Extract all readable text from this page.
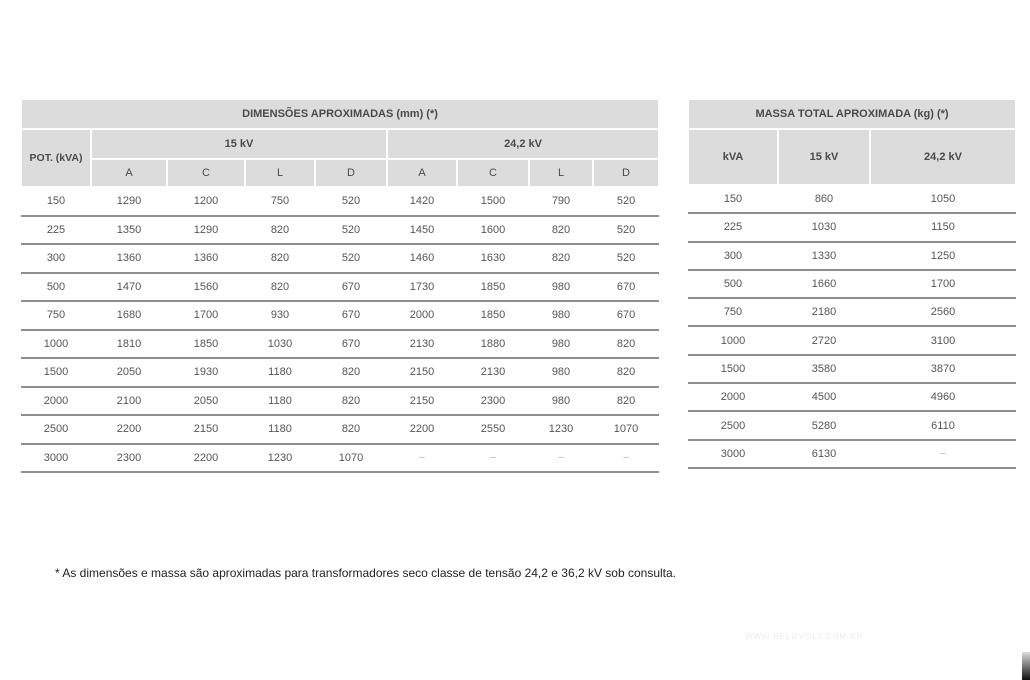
DIMENSÕES APROXIMADAS (mm) (*)								
POT. (kVA)	15 kV				24,2 kV			
	A	C	L	D	A	C	L	D
150	1290	1200	750	520	1420	1500	790	520
225	1350	1290	820	520	1450	1600	820	520
300	1360	1360	820	520	1460	1630	820	520
500	1470	1560	820	670	1730	1850	980	670
750	1680	1700	930	670	2000	1850	980	670
1000	1810	1850	1030	670	2130	1880	980	820
1500	2050	1930	1180	820	2150	2130	980	820
2000	2100	2050	1180	820	2150	2300	980	820
2500	2200	2150	1180	820	2200	2550	1230	1070
3000	2300	2200	1230	1070	–	–	–	–
MASSA TOTAL APROXIMADA (kg) (*)		
kVA	15 kV	24,2 kV
150	860	1050
225	1030	1150
300	1330	1250
500	1660	1700
750	2180	2560
1000	2720	3100
1500	3580	3870
2000	4500	4960
2500	5280	6110
3000	6130	–
* As dimensões e massa são aproximadas para transformadores seco classe de tensão 24,2 e 36,2 kV sob consulta.
WWW.BELOVOLT.COM.BR
